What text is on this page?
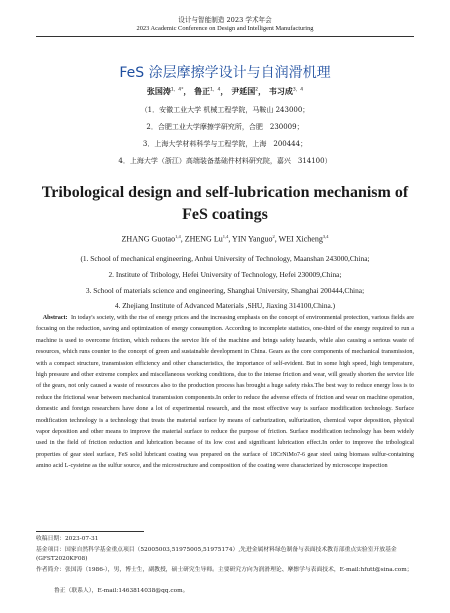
设计与智能制造 2023 学术年会
2023 Academic Conference on Design and Intelligent Manufacturing
FeS 涂层摩擦学设计与自润滑机理
张国涛$^{1,4*}$， 鲁正$^{1,4}$， 尹延国$^2$， 韦习成$^{3,4}$
（1．安徽工业大学 机械工程学院，马鞍山 243000；
2．合肥工业大学摩擦学研究所，合肥　230009；
3．上海大学材料科学与工程学院，上海　200444；
4．上海大学（浙江）高端装备基础件材料研究院，嘉兴　314100）
Tribological design and self-lubrication mechanism of
FeS coatings
ZHANG Guotao$^{1,4}$, ZHENG Lu$^{1,4}$, YIN Yanguo$^2$, WEI Xicheng$^{3,4}$
(1. School of mechanical engineering, Anhui University of Technology, Maanshan 243000,China;
2. Institute of Tribology, Hefei University of Technology, Hefei 230009,China;
3. School of materials science and engineering, Shanghai University, Shanghai 200444,China;
4. Zhejiang Institute of Advanced Materials ,SHU, Jiaxing 314100,China.)
Abstract: In today's society, with the rise of energy prices and the increasing emphasis on the concept of environmental protection, various fields are focusing on the reduction, saving and optimization of energy consumption. According to incomplete statistics, one-third of the energy required to run a machine is used to overcome friction, which reduces the service life of the machine and brings safety hazards, while also causing a serious waste of resources, which runs counter to the concept of green and sustainable development in China. Gears as the core components of mechanical transmission, with a compact structure, transmission efficiency and other characteristics, the importance of self-evident. But in some high speed, high temperature, high pressure and other extreme complex and miscellaneous working conditions, due to the intense friction and wear, will greatly shorten the service life of the gears, not only caused a waste of resources also to the production process has brought a huge safety risks.The best way to reduce energy loss is to reduce the frictional wear between mechanical transmission components.In order to reduce the adverse effects of friction and wear on machine operation, domestic and foreign researchers have done a lot of experimental research, and the most effective way is surface modification technology. Surface modification technology is a technology that treats the material surface by means of carburization, sulfurization, chemical vapor deposition, physical vapor deposition and other means to improve the material surface to reduce the purpose of friction. Surface modification technology has been widely used in the field of friction reduction and lubrication because of its low cost and significant lubrication effect.In order to improve the tribological properties of gear steel surface, FeS solid lubricant coating was prepared on the surface of 18CrNiMo7-6 gear steel using biomass sulfur-containing amino acid L-cysteine as the sulfur source, and the microstructure and composition of the coating were characterized by microscope inspection
收稿日期：2023-07-31
基金项目：国家自然科学基金重点项目（52005003,51975005,51975174）,先进金属材料绿色制备与表面技术教育部重点实验室开放基金(GFST2020KF08)
作者简介：张国涛（1986-），男，博士生，副教授，硕士研究生导师。主要研究方向为润滑理论、摩擦学与表面技术，E-mail:hfutt@sina.com；
鲁正（联系人），E-mail:1463814038@qq.com。
